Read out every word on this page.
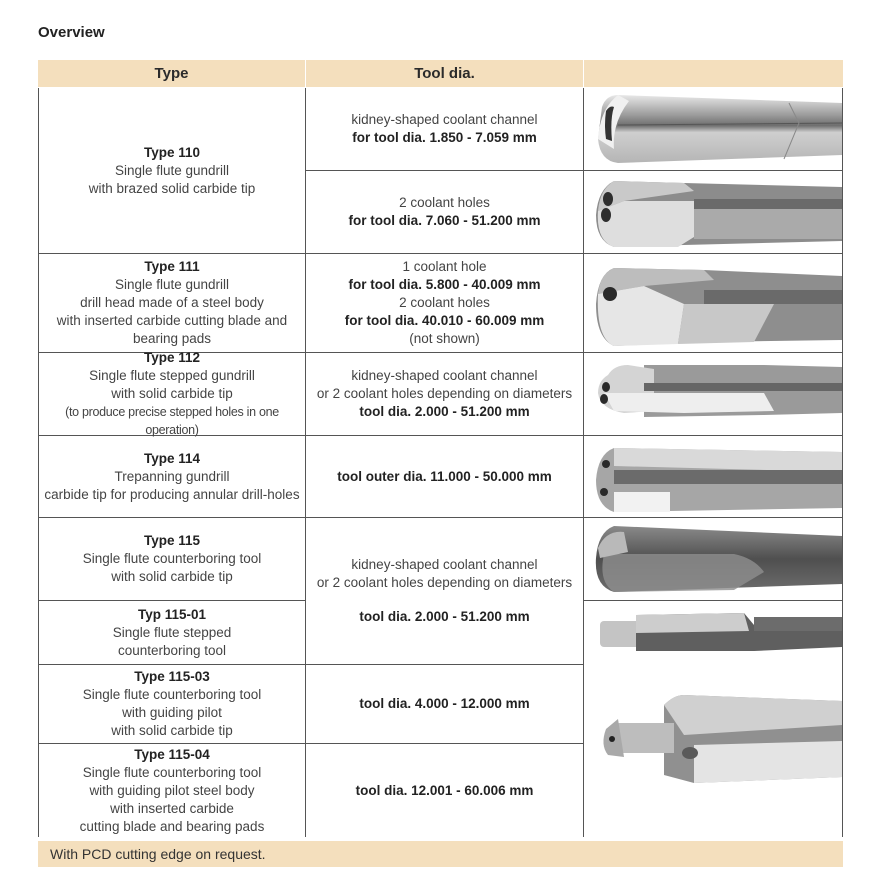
Overview
Type	Tool dia.
Type 110
Single flute gundrill
with brazed solid carbide tip
kidney-shaped coolant channel
for tool dia. 1.850 - 7.059 mm
2 coolant holes
for tool dia. 7.060 - 51.200 mm
Type 111
Single flute gundrill
drill head made of a steel body
with inserted carbide cutting blade and
bearing pads
1 coolant hole
for tool dia. 5.800 - 40.009 mm
2 coolant holes
for tool dia. 40.010 - 60.009 mm
(not shown)
Type 112
Single flute stepped gundrill
with solid carbide tip
(to produce precise stepped holes in one operation)
kidney-shaped coolant channel
or 2 coolant holes depending on diameters
tool dia. 2.000 - 51.200 mm
Type 114
Trepanning gundrill
carbide tip for producing annular drill-holes
tool outer dia. 11.000 - 50.000 mm
Type 115
Single flute counterboring tool
with solid carbide tip
Typ 115-01
Single flute stepped
counterboring tool
kidney-shaped coolant channel
or 2 coolant holes depending on diameters
tool dia. 2.000 - 51.200 mm
Type 115-03
Single flute counterboring tool
with guiding pilot
with solid carbide tip
tool dia. 4.000 - 12.000 mm
Type 115-04
Single flute counterboring tool
with guiding pilot steel body
with inserted carbide
cutting blade and bearing pads
tool dia. 12.001 - 60.006 mm
With PCD cutting edge on request.
